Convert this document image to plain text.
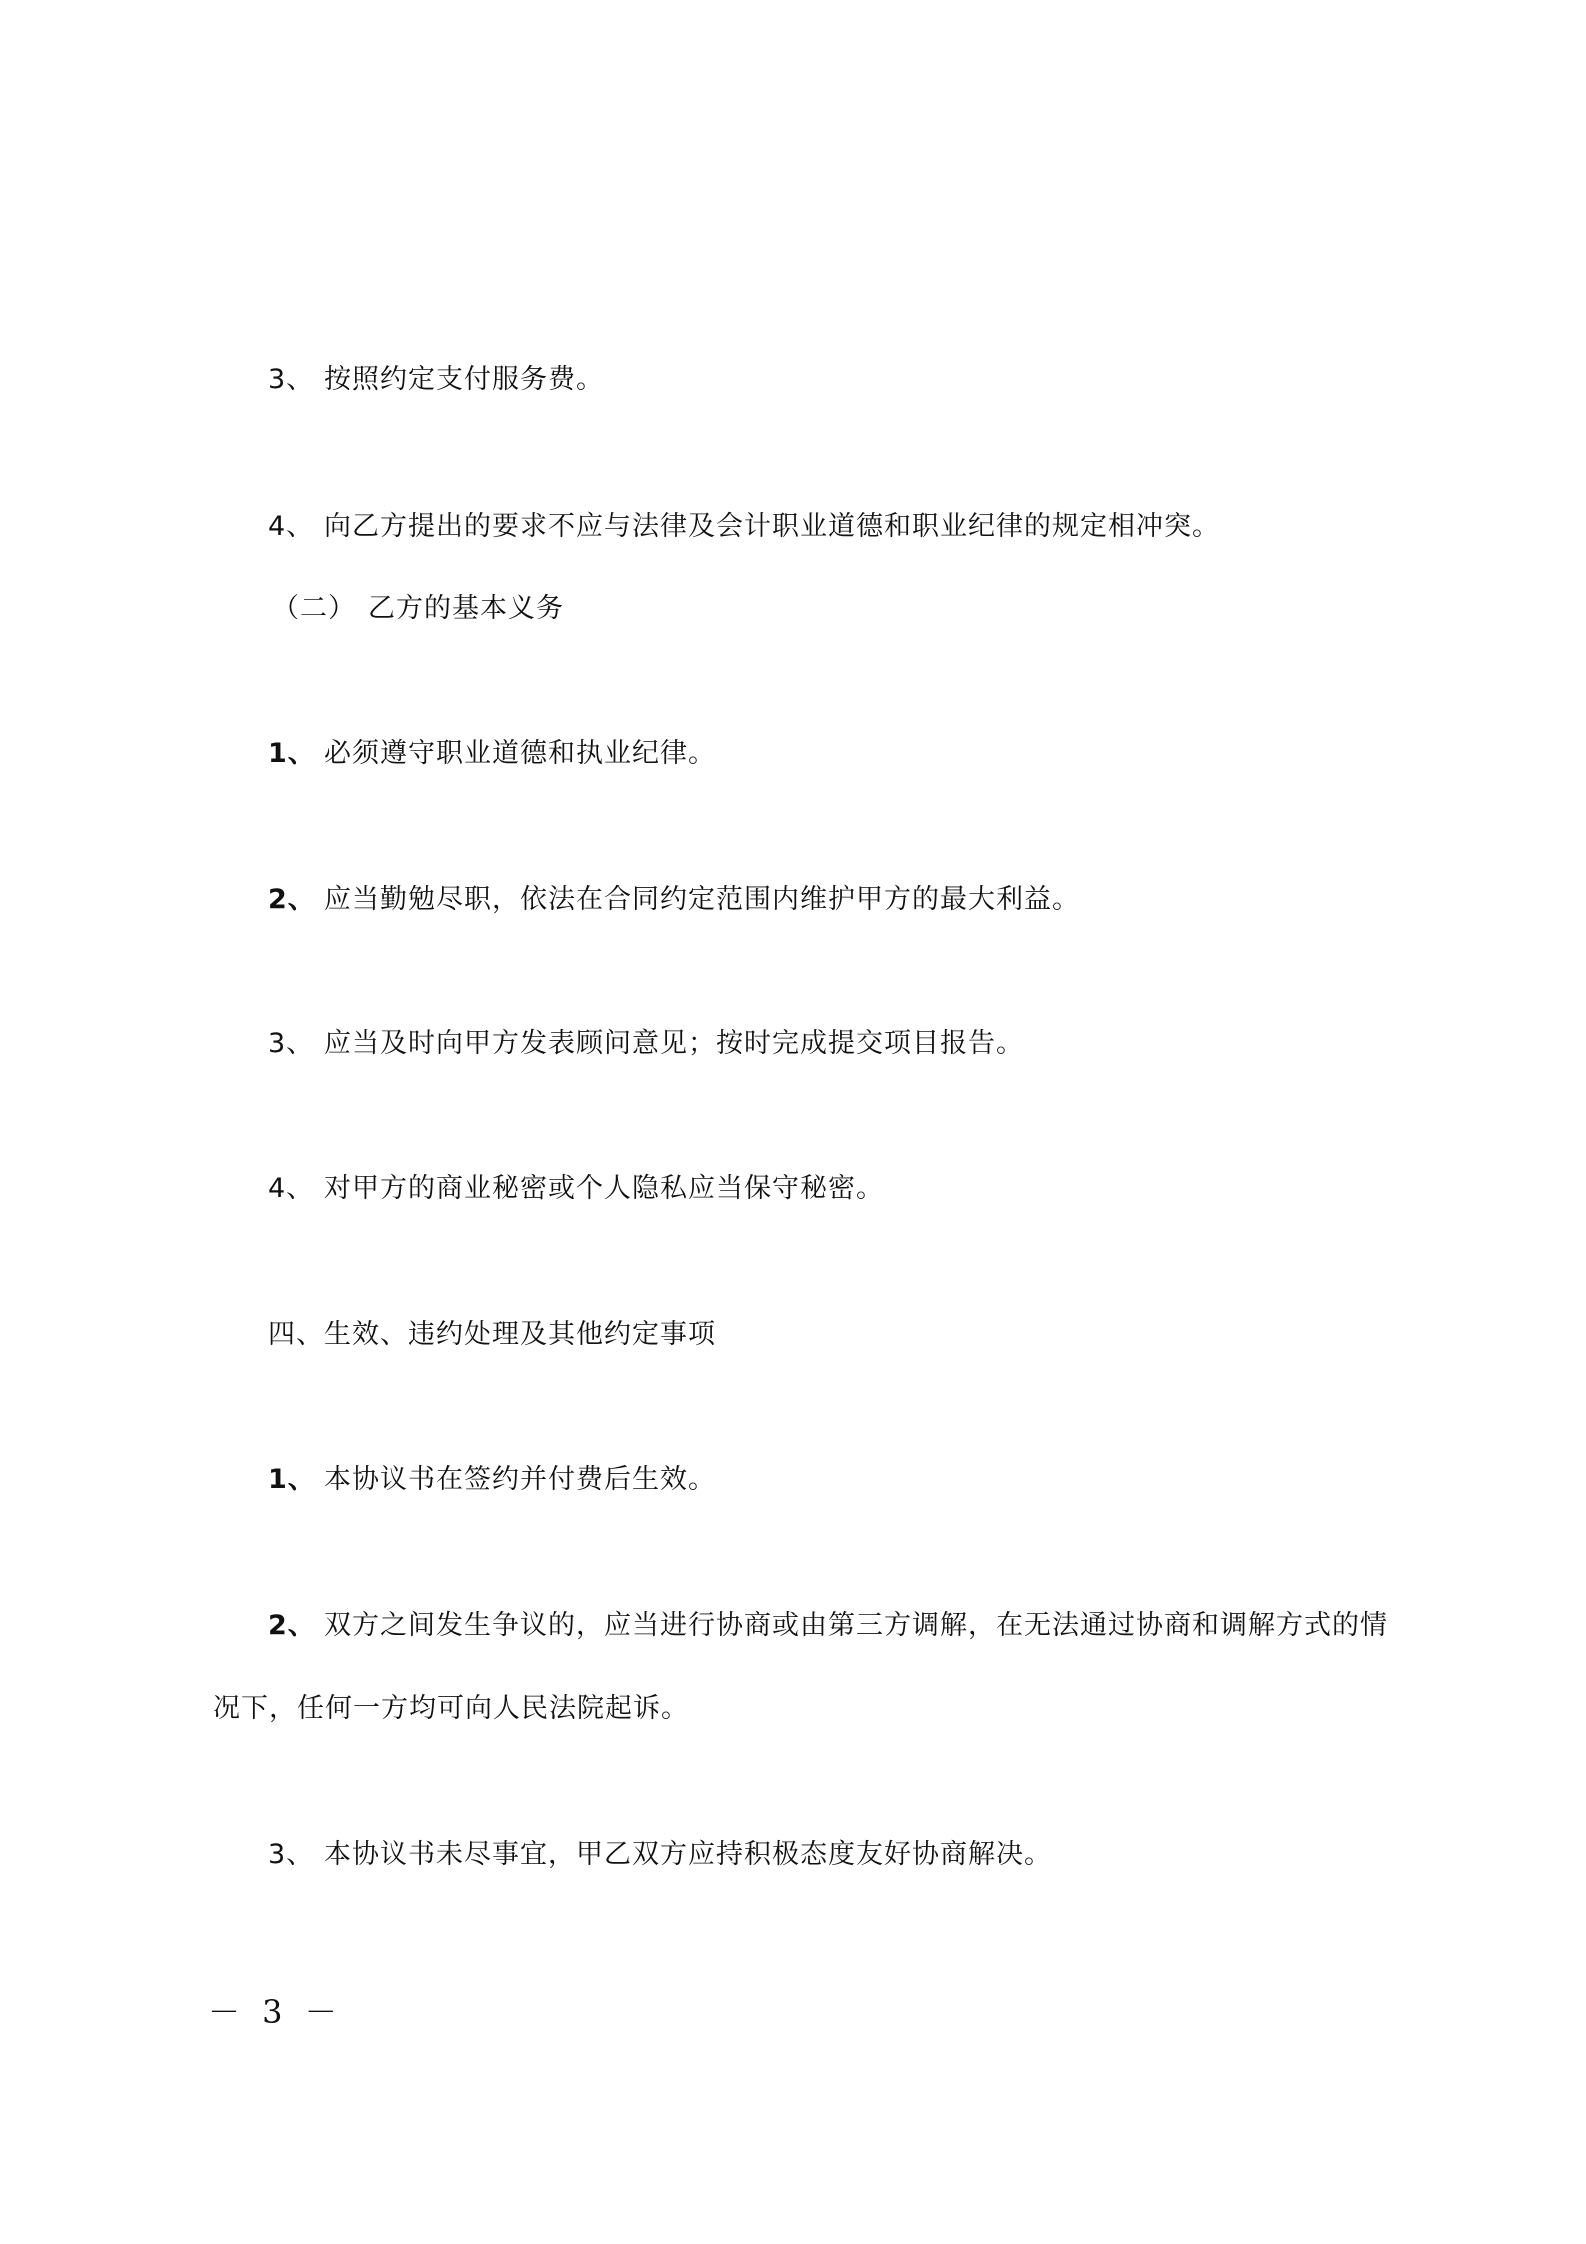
3、 按照约定支付服务费。
4、 向乙方提出的要求不应与法律及会计职业道德和职业纪律的规定相冲突。
（二） 乙方的基本义务
1、 必须遵守职业道德和执业纪律。
2、 应当勤勉尽职，依法在合同约定范围内维护甲方的最大利益。
3、 应当及时向甲方发表顾问意见；按时完成提交项目报告。
4、 对甲方的商业秘密或个人隐私应当保守秘密。
四、生效、违约处理及其他约定事项
1、 本协议书在签约并付费后生效。
2、 双方之间发生争议的，应当进行协商或由第三方调解，在无法通过协商和调解方式的情
况下，任何一方均可向人民法院起诉。
3、 本协议书未尽事宜，甲乙双方应持积极态度友好协商解决。
－ 3 －
